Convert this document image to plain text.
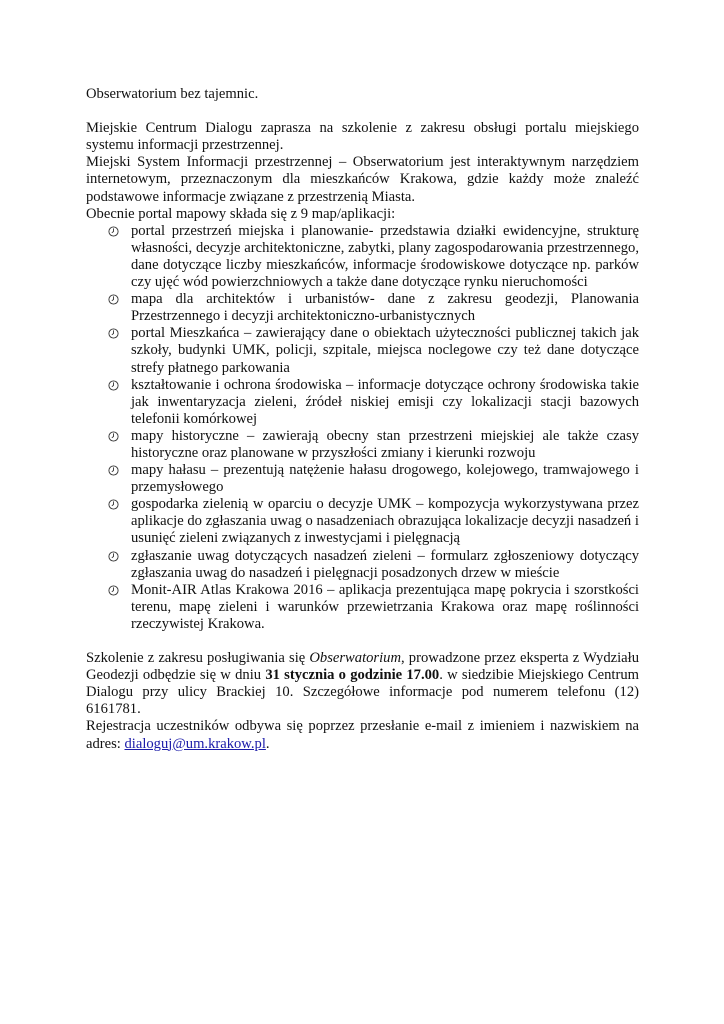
Obserwatorium bez tajemnic.

Miejskie Centrum Dialogu zaprasza na szkolenie z zakresu obsługi portalu miejskiego systemu informacji przestrzennej.

Miejski System Informacji przestrzennej – Obserwatorium jest interaktywnym narzędziem internetowym, przeznaczonym dla mieszkańców Krakowa, gdzie każdy może znaleźć podstawowe informacje związane z przestrzenią Miasta.

Obecnie portal mapowy składa się z 9 map/aplikacji:

portal przestrzeń miejska i planowanie- przedstawia działki ewidencyjne, strukturę własności, decyzje architektoniczne, zabytki, plany zagospodarowania przestrzennego, dane dotyczące liczby mieszkańców, informacje środowiskowe dotyczące np. parków czy ujęć wód powierzchniowych a także dane dotyczące rynku nieruchomości
mapa dla architektów i urbanistów- dane z zakresu geodezji, Planowania Przestrzennego i decyzji architektoniczno-urbanistycznych
portal Mieszkańca – zawierający dane o obiektach użyteczności publicznej takich jak szkoły, budynki UMK, policji, szpitale, miejsca noclegowe czy też dane dotyczące strefy płatnego parkowania
kształtowanie i ochrona środowiska – informacje dotyczące ochrony środowiska takie jak inwentaryzacja zieleni, źródeł niskiej emisji czy lokalizacji stacji bazowych telefonii komórkowej
mapy historyczne – zawierają obecny stan przestrzeni miejskiej ale także czasy historyczne oraz planowane w przyszłości zmiany i kierunki rozwoju
mapy hałasu – prezentują natężenie hałasu drogowego, kolejowego, tramwajowego i przemysłowego
gospodarka zielenią w oparciu o decyzje UMK – kompozycja wykorzystywana przez aplikacje do zgłaszania uwag o nasadzeniach obrazująca lokalizacje decyzji nasadzeń i usunięć zieleni związanych z inwestycjami i pielęgnacją
zgłaszanie uwag dotyczących nasadzeń zieleni – formularz zgłoszeniowy dotyczący zgłaszania uwag do nasadzeń i pielęgnacji posadzonych drzew w mieście
Monit-AIR Atlas Krakowa 2016 – aplikacja prezentująca mapę pokrycia i szorstkości terenu, mapę zieleni i warunków przewietrzania Krakowa oraz mapę roślinności rzeczywistej Krakowa.

Szkolenie z zakresu posługiwania się Obserwatorium, prowadzone przez eksperta z Wydziału Geodezji odbędzie się w dniu 31 stycznia o godzinie 17.00. w siedzibie Miejskiego Centrum Dialogu przy ulicy Brackiej 10. Szczegółowe informacje pod numerem telefonu (12) 6161781.

Rejestracja uczestników odbywa się poprzez przesłanie e-mail z imieniem i nazwiskiem na adres: dialoguj@um.krakow.pl.
